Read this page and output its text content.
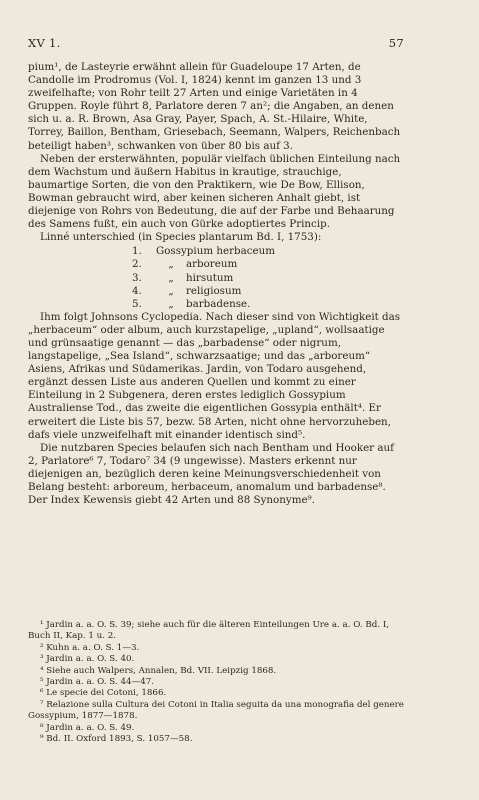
XV 1.	57

pium¹, de Lasteyrie erwähnt allein für Guadeloupe 17 Arten, de Candolle im Prodromus (Vol. I, 1824) kennt im ganzen 13 und 3 zweifelhafte; von Rohr teilt 27 Arten und einige Varietäten in 4 Gruppen. Royle führt 8, Parlatore deren 7 an²; die Angaben, an denen sich u. a. R. Brown, Asa Gray, Payer, Spach, A. St.-Hilaire, White, Torrey, Baillon, Bentham, Griesebach, Seemann, Walpers, Reichenbach beteiligt haben³, schwanken von über 80 bis auf 3.

Neben der ersterwähnten, populär vielfach üblichen Einteilung nach dem Wachstum und äußern Habitus in krautige, strauchige, baumartige Sorten, die von den Praktikern, wie De Bow, Ellison, Bowman gebraucht wird, aber keinen sicheren Anhalt giebt, ist diejenige von Rohrs von Bedeutung, die auf der Farbe und Behaarung des Samens fußt, ein auch von Gürke adoptiertes Princip.

Linné unterschied (in Species plantarum Bd. I, 1753):

1.	Gossypium herbaceum
2.	„	arboreum
3.	„	hirsutum
4.	„	religiosum
5.	„	barbadense.

Ihm folgt Johnsons Cyclopedia. Nach dieser sind von Wichtigkeit das „herbaceum“ oder album, auch kurzstapelige, „upland“, wollsaatige und grünsaatige genannt — das „barbadense“ oder nigrum, langstapelige, „Sea Island“, schwarzsaatige; und das „arboreum“ Asiens, Afrikas und Südamerikas. Jardin, von Todaro ausgehend, ergänzt dessen Liste aus anderen Quellen und kommt zu einer Einteilung in 2 Subgenera, deren erstes lediglich Gossypium Australiense Tod., das zweite die eigentlichen Gossypia enthält⁴. Er erweitert die Liste bis 57, bezw. 58 Arten, nicht ohne hervorzuheben, dafs viele unzweifelhaft mit einander identisch sind⁵.

Die nutzbaren Species belaufen sich nach Bentham und Hooker auf 2, Parlatore⁶ 7, Todaro⁷ 34 (9 ungewisse). Masters erkennt nur diejenigen an, bezüglich deren keine Meinungsverschiedenheit von Belang besteht: arboreum, herbaceum, anomalum und barbadense⁸. Der Index Kewensis giebt 42 Arten und 88 Synonyme⁹.

¹ Jardin a. a. O. S. 39; siehe auch für die älteren Einteilungen Ure a. a. O. Bd. I, Buch II, Kap. 1 u. 2.

² Kuhn a. a. O. S. 1—3.

³ Jardin a. a. O. S. 40.

⁴ Siehe auch Walpers, Annalen, Bd. VII. Leipzig 1868.

⁵ Jardin a. a. O. S. 44—47.

⁶ Le specie dei Cotoni, 1866.

⁷ Relazione sulla Cultura dei Cotoni in Italia seguita da una monografia del genere Gossypium, 1877—1878.

⁸ Jardin a. a. O. S. 49.

⁹ Bd. II. Oxford 1893, S. 1057—58.
